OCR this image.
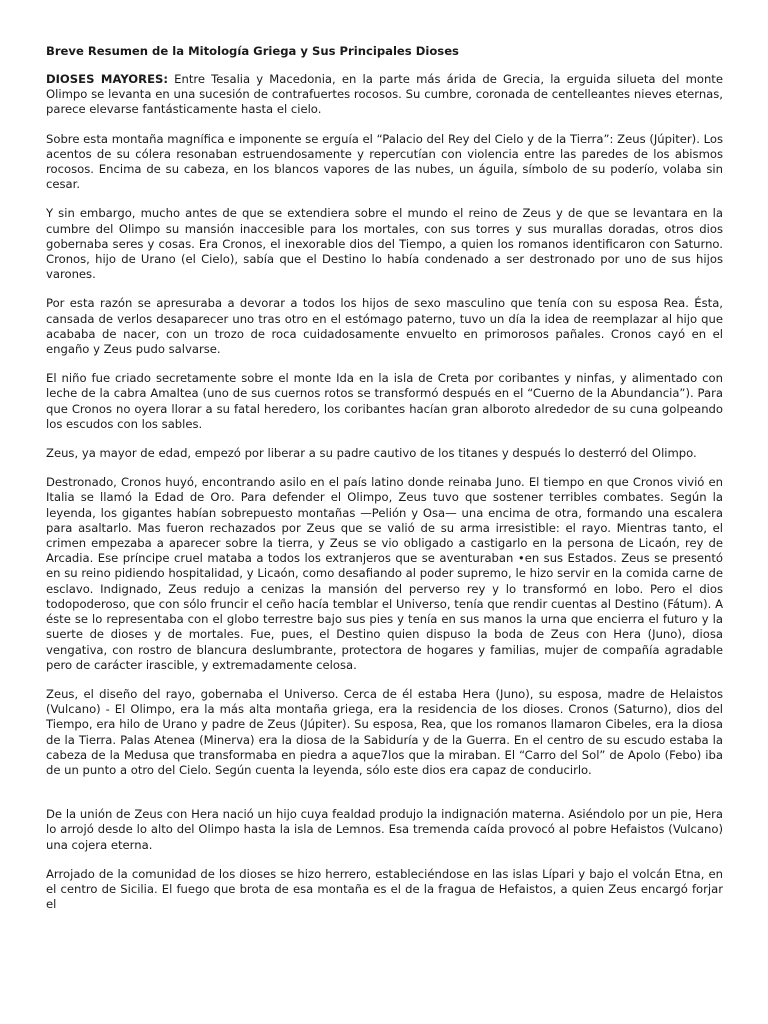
Breve Resumen de la Mitología Griega y Sus Principales Dioses

DIOSES MAYORES: Entre Tesalia y Macedonia, en la parte más árida de Grecia, la erguida silueta del monte Olimpo se levanta en una sucesión de contrafuertes rocosos. Su cumbre, coronada de centelleantes nieves eternas, parece elevarse fantásticamente hasta el cielo.

Sobre esta montaña magnífica e imponente se erguía el “Palacio del Rey del Cielo y de la Tierra”: Zeus (Júpiter). Los acentos de su cólera resonaban estruendosamente y repercutían con violencia entre las paredes de los abismos rocosos. Encima de su cabeza, en los blancos vapores de las nubes, un águila, símbolo de su poderío, volaba sin cesar.

Y sin embargo, mucho antes de que se extendiera sobre el mundo el reino de Zeus y de que se levantara en la cumbre del Olimpo su mansión inaccesible para los mortales, con sus torres y sus murallas doradas, otros dios gobernaba seres y cosas. Era Cronos, el inexorable dios del Tiempo, a quien los romanos identificaron con Saturno. Cronos, hijo de Urano (el Cielo), sabía que el Destino lo había condenado a ser destronado por uno de sus hijos varones.

Por esta razón se apresuraba a devorar a todos los hijos de sexo masculino que tenía con su esposa Rea. Ésta, cansada de verlos desaparecer uno tras otro en el estómago paterno, tuvo un día la idea de reemplazar al hijo que acababa de nacer, con un trozo de roca cuidadosamente envuelto en primorosos pañales. Cronos cayó en el engaño y Zeus pudo salvarse.

El niño fue criado secretamente sobre el monte Ida en la isla de Creta por coribantes y ninfas, y alimentado con leche de la cabra Amaltea (uno de sus cuernos rotos se transformó después en el “Cuerno de la Abundancia”). Para que Cronos no oyera llorar a su fatal heredero, los coribantes hacían gran alboroto alrededor de su cuna golpeando los escudos con los sables.

Zeus, ya mayor de edad, empezó por liberar a su padre cautivo de los titanes y después lo desterró del Olimpo.

Destronado, Cronos huyó, encontrando asilo en el país latino donde reinaba Juno. El tiempo en que Cronos vivió en Italia se llamó la Edad de Oro. Para defender el Olimpo, Zeus tuvo que sostener terribles combates. Según la leyenda, los gigantes habían sobrepuesto montañas —Pelión y Osa— una encima de otra, formando una escalera para asaltarlo. Mas fueron rechazados por Zeus que se valió de su arma irresistible: el rayo. Mientras tanto, el crimen empezaba a aparecer sobre la tierra, y Zeus se vio obligado a castigarlo en la persona de Licaón, rey de Arcadia. Ese príncipe cruel mataba a todos los extranjeros que se aventuraban •en sus Estados. Zeus se presentó en su reino pidiendo hospitalidad, y Licaón, como desafiando al poder supremo, le hizo servir en la comida carne de esclavo. Indignado, Zeus redujo a cenizas la mansión del perverso rey y lo transformó en lobo. Pero el dios todopoderoso, que con sólo fruncir el ceño hacía temblar el Universo, tenía que rendir cuentas al Destino (Fátum). A éste se lo representaba con el globo terrestre bajo sus pies y tenía en sus manos la urna que encierra el futuro y la suerte de dioses y de mortales. Fue, pues, el Destino quien dispuso la boda de Zeus con Hera (Juno), diosa vengativa, con rostro de blancura deslumbrante, protectora de hogares y familias, mujer de compañía agradable pero de carácter irascible, y extremadamente celosa.

Zeus, el diseño del rayo, gobernaba el Universo. Cerca de él estaba Hera (Juno), su esposa, madre de Helaistos (Vulcano) - El Olimpo, era la más alta montaña griega, era la residencia de los dioses. Cronos (Saturno), dios del Tiempo, era hilo de Urano y padre de Zeus (Júpiter). Su esposa, Rea, que los romanos llamaron Cibeles, era la diosa de la Tierra. Palas Atenea (Minerva) era la diosa de la Sabiduría y de la Guerra. En el centro de su escudo estaba la cabeza de la Medusa que transformaba en piedra a aque7los que la miraban. El “Carro del Sol” de Apolo (Febo) iba de un punto a otro del Cielo. Según cuenta la leyenda, sólo este dios era capaz de conducirlo.

De la unión de Zeus con Hera nació un hijo cuya fealdad produjo la indignación materna. Asiéndolo por un pie, Hera lo arrojó desde lo alto del Olimpo hasta la isla de Lemnos. Esa tremenda caída provocó al pobre Hefaistos (Vulcano) una cojera eterna.

Arrojado de la comunidad de los dioses se hizo herrero, estableciéndose en las islas Lípari y bajo el volcán Etna, en el centro de Sicilia. El fuego que brota de esa montaña es el de la fragua de Hefaistos, a quien Zeus encargó forjar el
